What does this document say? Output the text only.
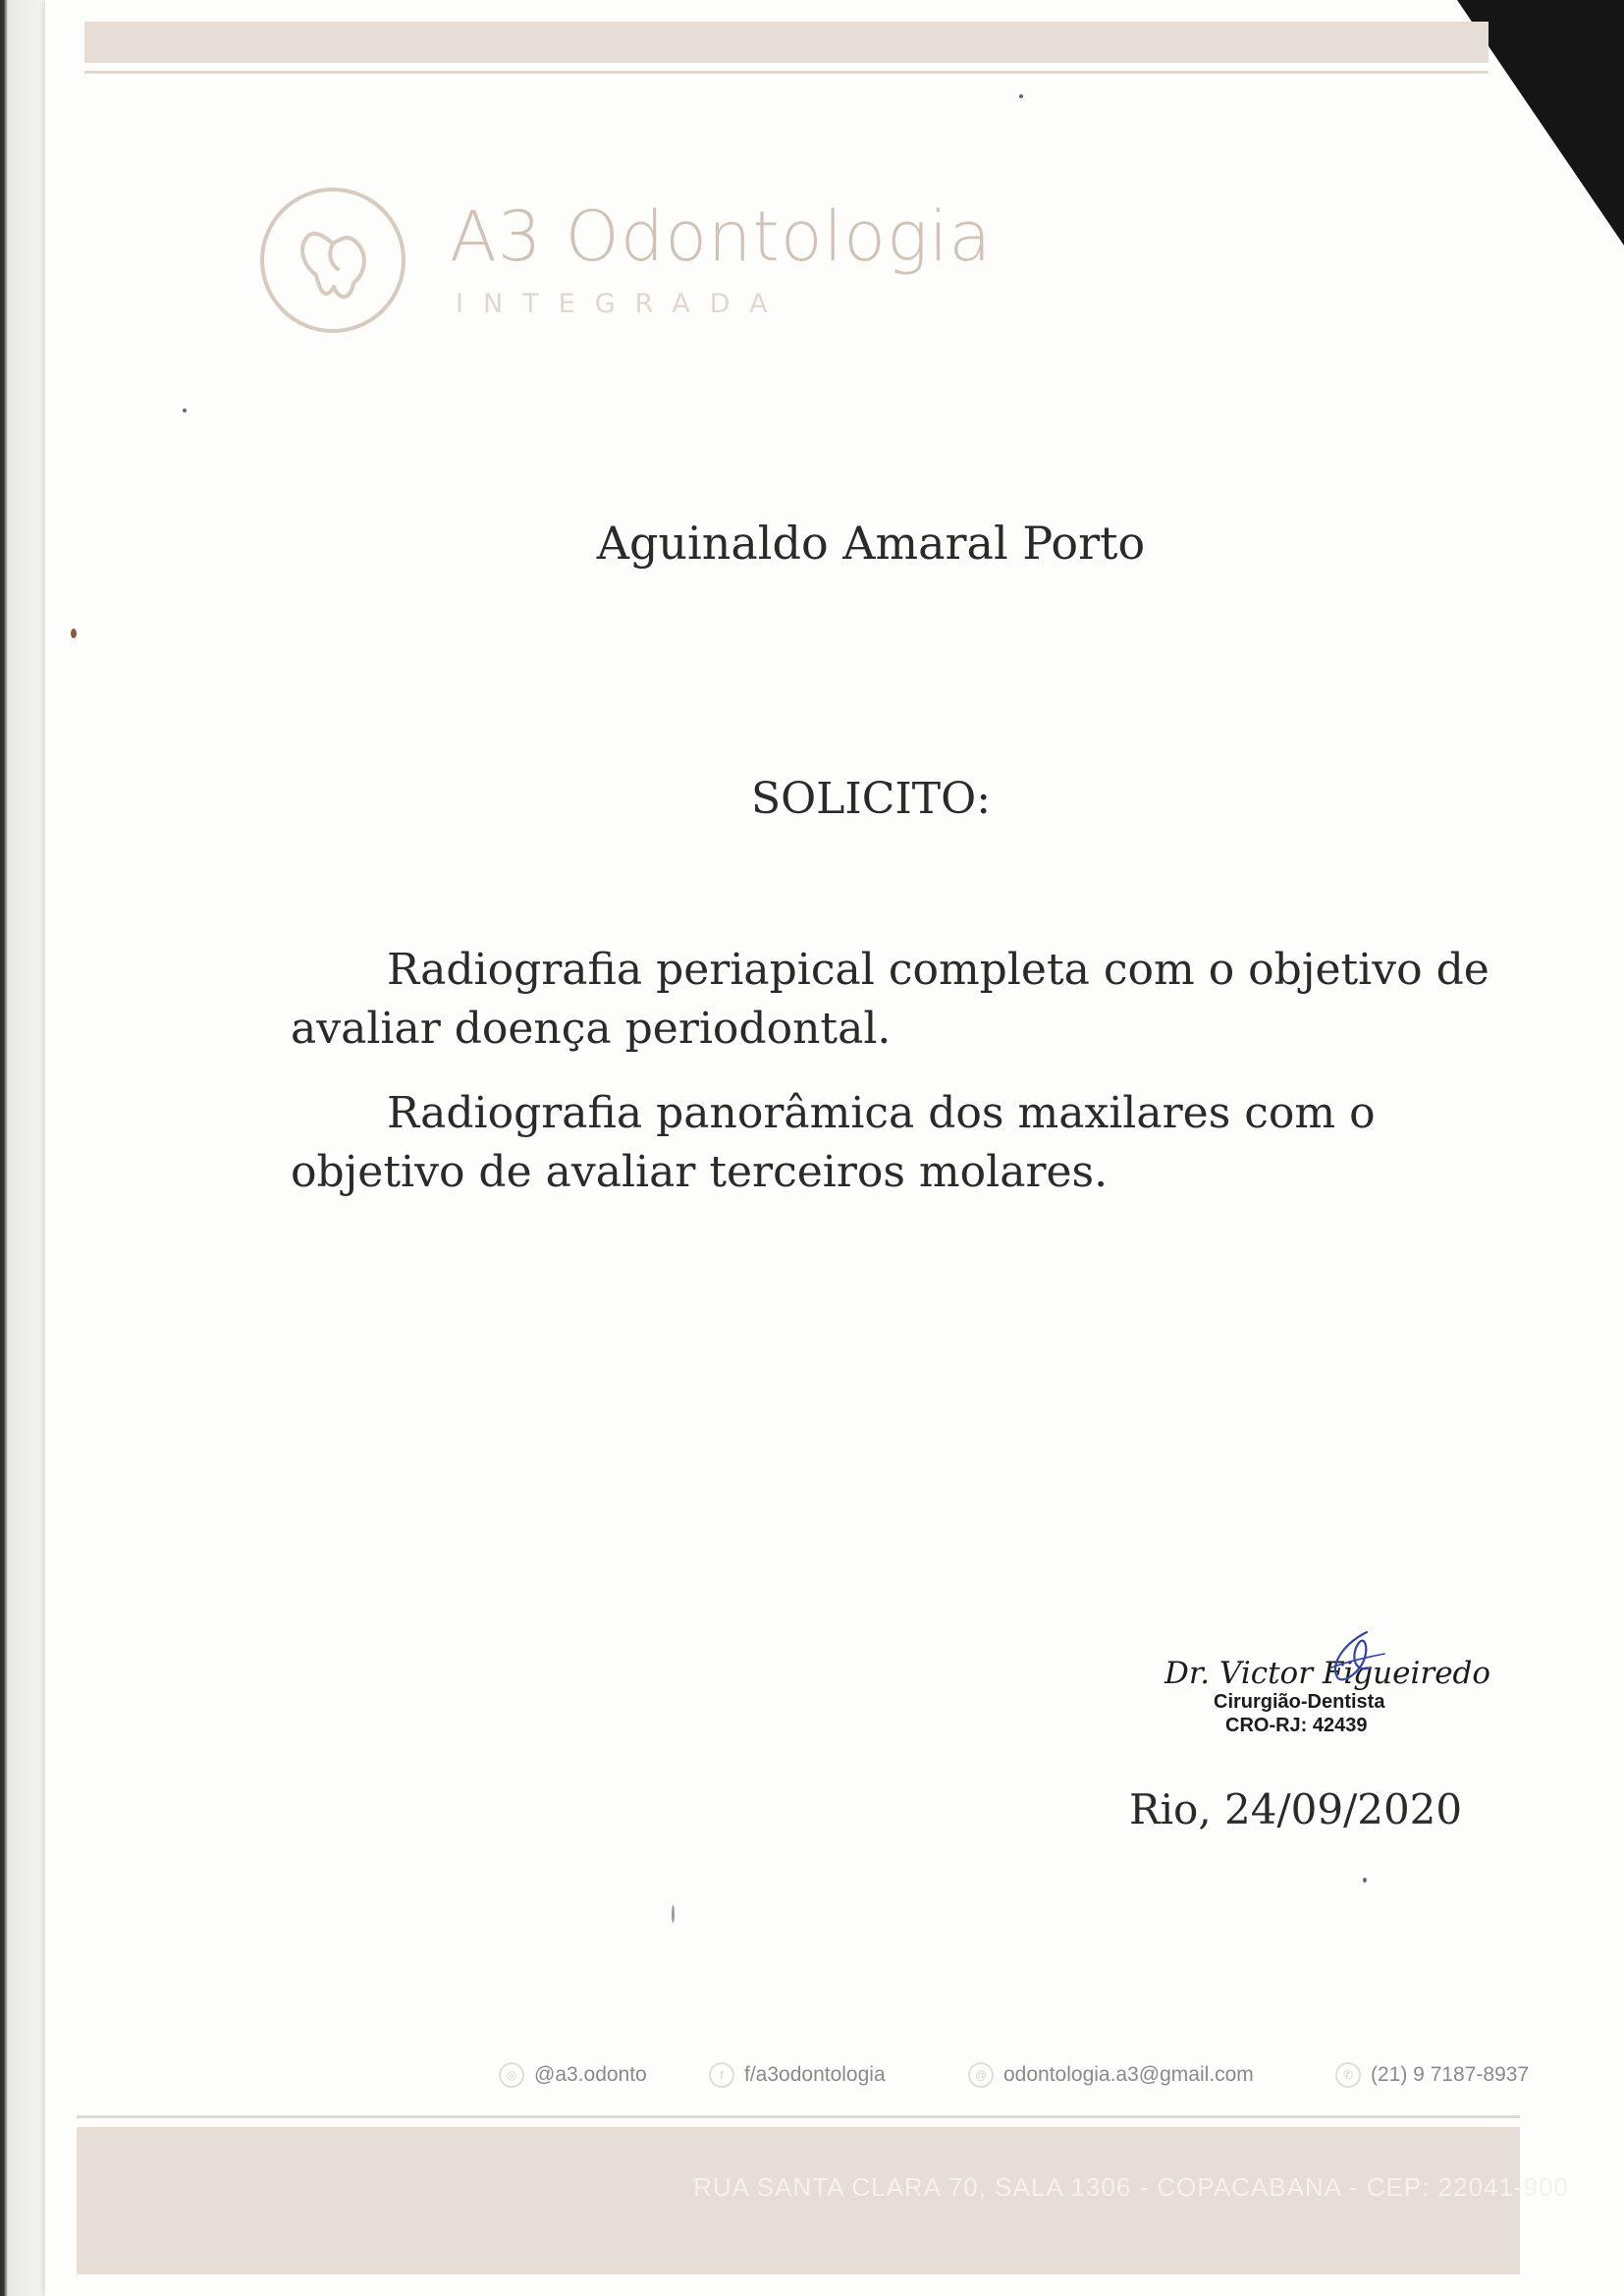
A3 Odontologia
INTEGRADA
Aguinaldo Amaral Porto
SOLICITO:
Radiografia periapical completa com o objetivo de
avaliar doença periodontal.
Radiografia panorâmica dos maxilares com o
objetivo de avaliar terceiros molares.
Dr. Victor Figueiredo
Cirurgião-Dentista
CRO-RJ: 42439
Rio, 24/09/2020
◎ @a3.odonto	f	f/a3odontologia	@ odontologia.a3@gmail.com	✆ (21) 9 7187-8937
RUA SANTA CLARA 70, SALA 1306 - COPACABANA - CEP: 22041-900
